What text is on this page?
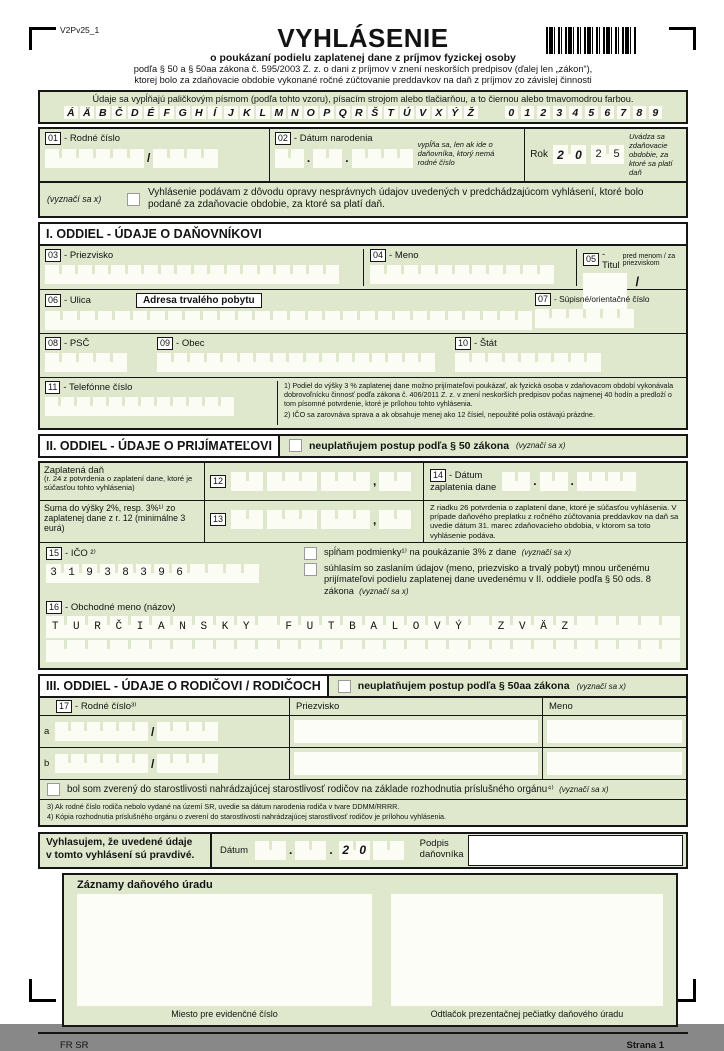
V2Pv25_1	VYHLÁSENIE
o poukázaní podielu zaplatenej dane z príjmov fyzickej osoby
podľa § 50 a § 50aa zákona č. 595/2003 Z. z. o dani z príjmov v znení neskorších predpisov (ďalej len „zákon“),
ktorej bolo za zdaňovacie obdobie vykonané ročné zúčtovanie preddavkov na daň z príjmov zo závislej činnosti
Údaje sa vypĺňajú paličkovým písmom (podľa tohto vzoru), písacím strojom alebo tlačiarňou, a to čiernou alebo tmavomodrou farbou.
Á Ä B Č D É F G H	Í	J K L M N O P Q R Š T Ú V X Ý Ž	0 1 2 3 4 5 6 7 8 9
01 - Rodné číslo

/

02 - Dátum narodenia

.

	.

vypĺňa sa, len ak ide o daňovníka, ktorý nemá rodné číslo
Rok 2 0	2	5
Uvádza sa zdaňovacie obdobie, za ktoré sa platí daň
(vyznačí sa x)

Vyhlásenie podávam z dôvodu opravy nesprávnych údajov uvedených v predchádzajúcom vyhlásení, ktoré bolo podané za zdaňovacie obdobie, za ktoré sa platí daň.

I. ODDIEL - ÚDAJE O DAŇOVNÍKOVI
03 - Priezvisko

	04 - Meno

	05 - Titul
pred menom / za priezviskom
/
06 - Ulica	Adresa trvalého pobytu

	07 - Súpisné/orientačné číslo

08 - PSČ

	09 - Obec

	10 - Štát

11 - Telefónne číslo

	1) Podiel do výšky 3 % zaplatenej dane možno prijímateľovi poukázať, ak fyzická osoba v zdaňovacom období vykonávala dobrovoľnícku činnosť podľa zákona č. 406/2011 Z. z. v znení neskorších predpisov počas najmenej 40 hodín a predloží o tom písomné potvrdenie, ktoré je prílohou tohto vyhlásenia.

2) IČO sa zarovnáva sprava a ak obsahuje menej ako 12 čísiel, nepoužité polia ostávajú prázdne.

II. ODDIEL - ÚDAJE O PRIJÍMATEĽOVI	neuplatňujem postup podľa § 50 zákona (vyznačí sa x)
Zaplatená daň
(r. 24 z potvrdenia o zaplatení dane, ktoré je súčasťou tohto vyhlásenia)
Suma do výšky 2%, resp. 3%¹⁾ zo zaplatenej dane z r. 12 (minimálne 3 eurá)
12

	,

13

	,

14 - Dátum
zaplatenia dane

	.

	.

Z riadku 26 potvrdenia o zaplatení dane, ktoré je súčasťou vyhlásenia. V prípade daňového preplatku z ročného zúčtovania preddavkov na daň sa uvedie dátum 31. marec zdaňovacieho obdobia, v ktorom sa toto vyhlásenie podáva.
15 - IČO ²⁾
3	1	9	3	8	3	9	6

spĺňam podmienky¹⁾ na poukázanie 3% z dane (vyznačí sa x)

súhlasím so zaslaním údajov (meno, priezvisko a trvalý pobyt) mnou určenému prijímateľovi podielu zaplatenej dane uvedenému v II. oddiele podľa § 50 ods. 8 zákona (vyznačí sa x)

16 - Obchodné meno (názov)
T	U	R	Č	I	A	N	S	K	Y
	F	U	T	B	A	L	O	V	Ý
	Z	V	Ä	Z

III. ODDIEL - ÚDAJE O RODIČOVI / RODIČOCH	neuplatňujem postup podľa § 50aa zákona (vyznačí sa x)
17 - Rodné číslo³⁾	Priezvisko	Meno
a

	/

b

	/

bol som zverený do starostlivosti nahrádzajúcej starostlivosť rodičov na základe rozhodnutia príslušného orgánu⁴⁾ (vyznačí sa x)

3) Ak rodné číslo rodiča nebolo vydané na území SR, uvedie sa dátum narodenia rodiča v tvare DDMM/RRRR.

4) Kópia rozhodnutia príslušného orgánu o zverení do starostlivosti nahrádzajúcej starostlivosť rodičov je prílohou vyhlásenia.

Vyhlasujem, že uvedené údaje
v tomto vyhlásení sú pravdivé.	Dátum

	.

	. 2 0

	Podpis
daňovníka
Záznamy daňového úradu
Miesto pre evidenčné číslo	Odtlačok prezentačnej pečiatky daňového úradu
FR SR	Strana 1
